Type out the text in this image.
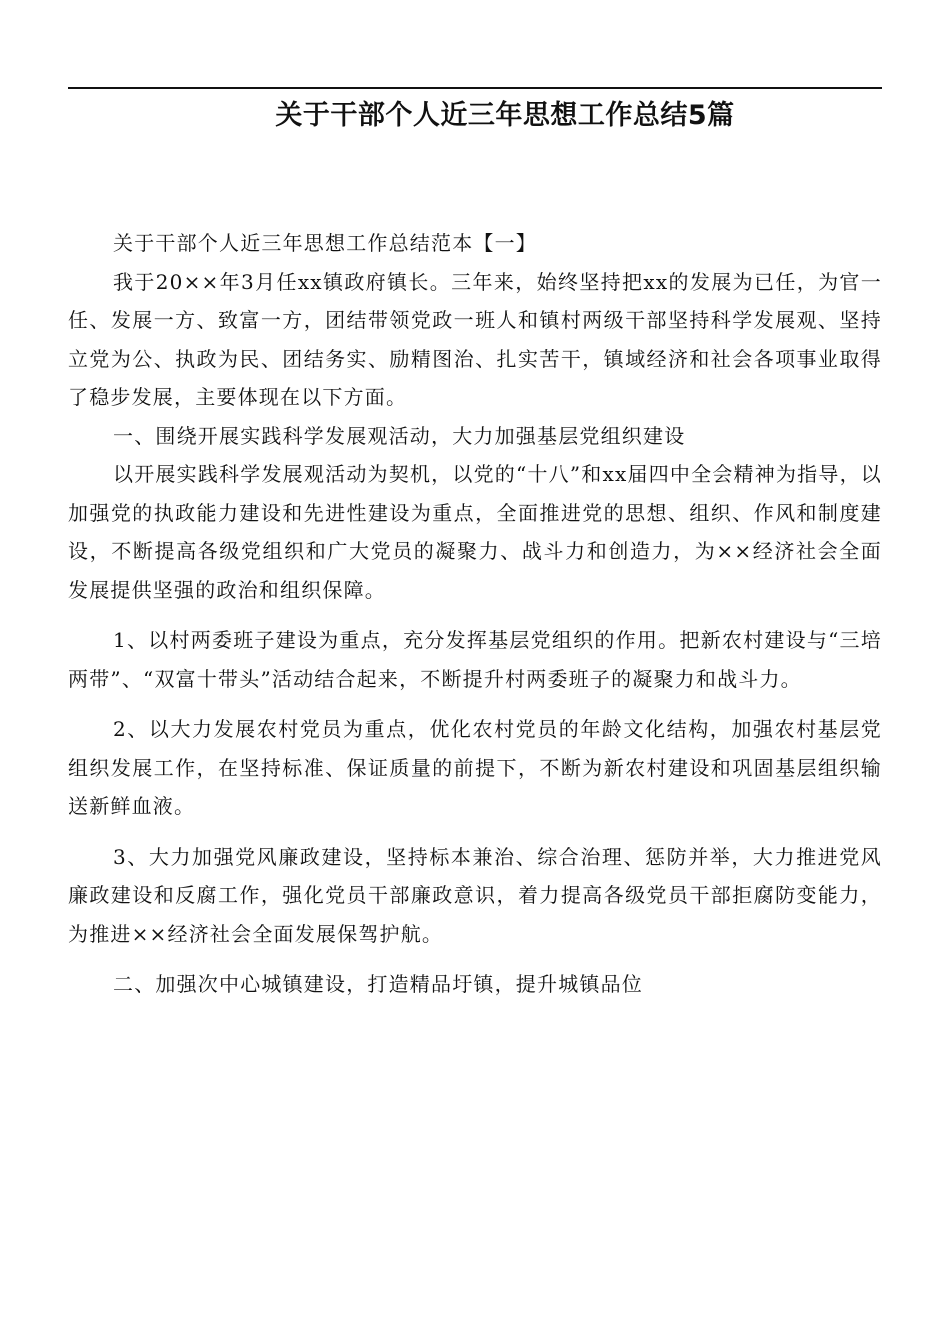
关于干部个人近三年思想工作总结5篇

关于干部个人近三年思想工作总结范本【一】

我于20××年3月任xx镇政府镇长。三年来，始终坚持把xx的发展为已任，为官一任、发展一方、致富一方，团结带领党政一班人和镇村两级干部坚持科学发展观、坚持立党为公、执政为民、团结务实、励精图治、扎实苦干，镇域经济和社会各项事业取得了稳步发展，主要体现在以下方面。

一、围绕开展实践科学发展观活动，大力加强基层党组织建设

以开展实践科学发展观活动为契机，以党的“十八”和xx届四中全会精神为指导，以加强党的执政能力建设和先进性建设为重点，全面推进党的思想、组织、作风和制度建设，不断提高各级党组织和广大党员的凝聚力、战斗力和创造力，为××经济社会全面发展提供坚强的政治和组织保障。

1、以村两委班子建设为重点，充分发挥基层党组织的作用。把新农村建设与“三培两带”、“双富十带头”活动结合起来，不断提升村两委班子的凝聚力和战斗力。

2、以大力发展农村党员为重点，优化农村党员的年龄文化结构，加强农村基层党组织发展工作，在坚持标准、保证质量的前提下，不断为新农村建设和巩固基层组织输送新鲜血液。

3、大力加强党风廉政建设，坚持标本兼治、综合治理、惩防并举，大力推进党风廉政建设和反腐工作，强化党员干部廉政意识，着力提高各级党员干部拒腐防变能力，为推进××经济社会全面发展保驾护航。

二、加强次中心城镇建设，打造精品圩镇，提升城镇品位
